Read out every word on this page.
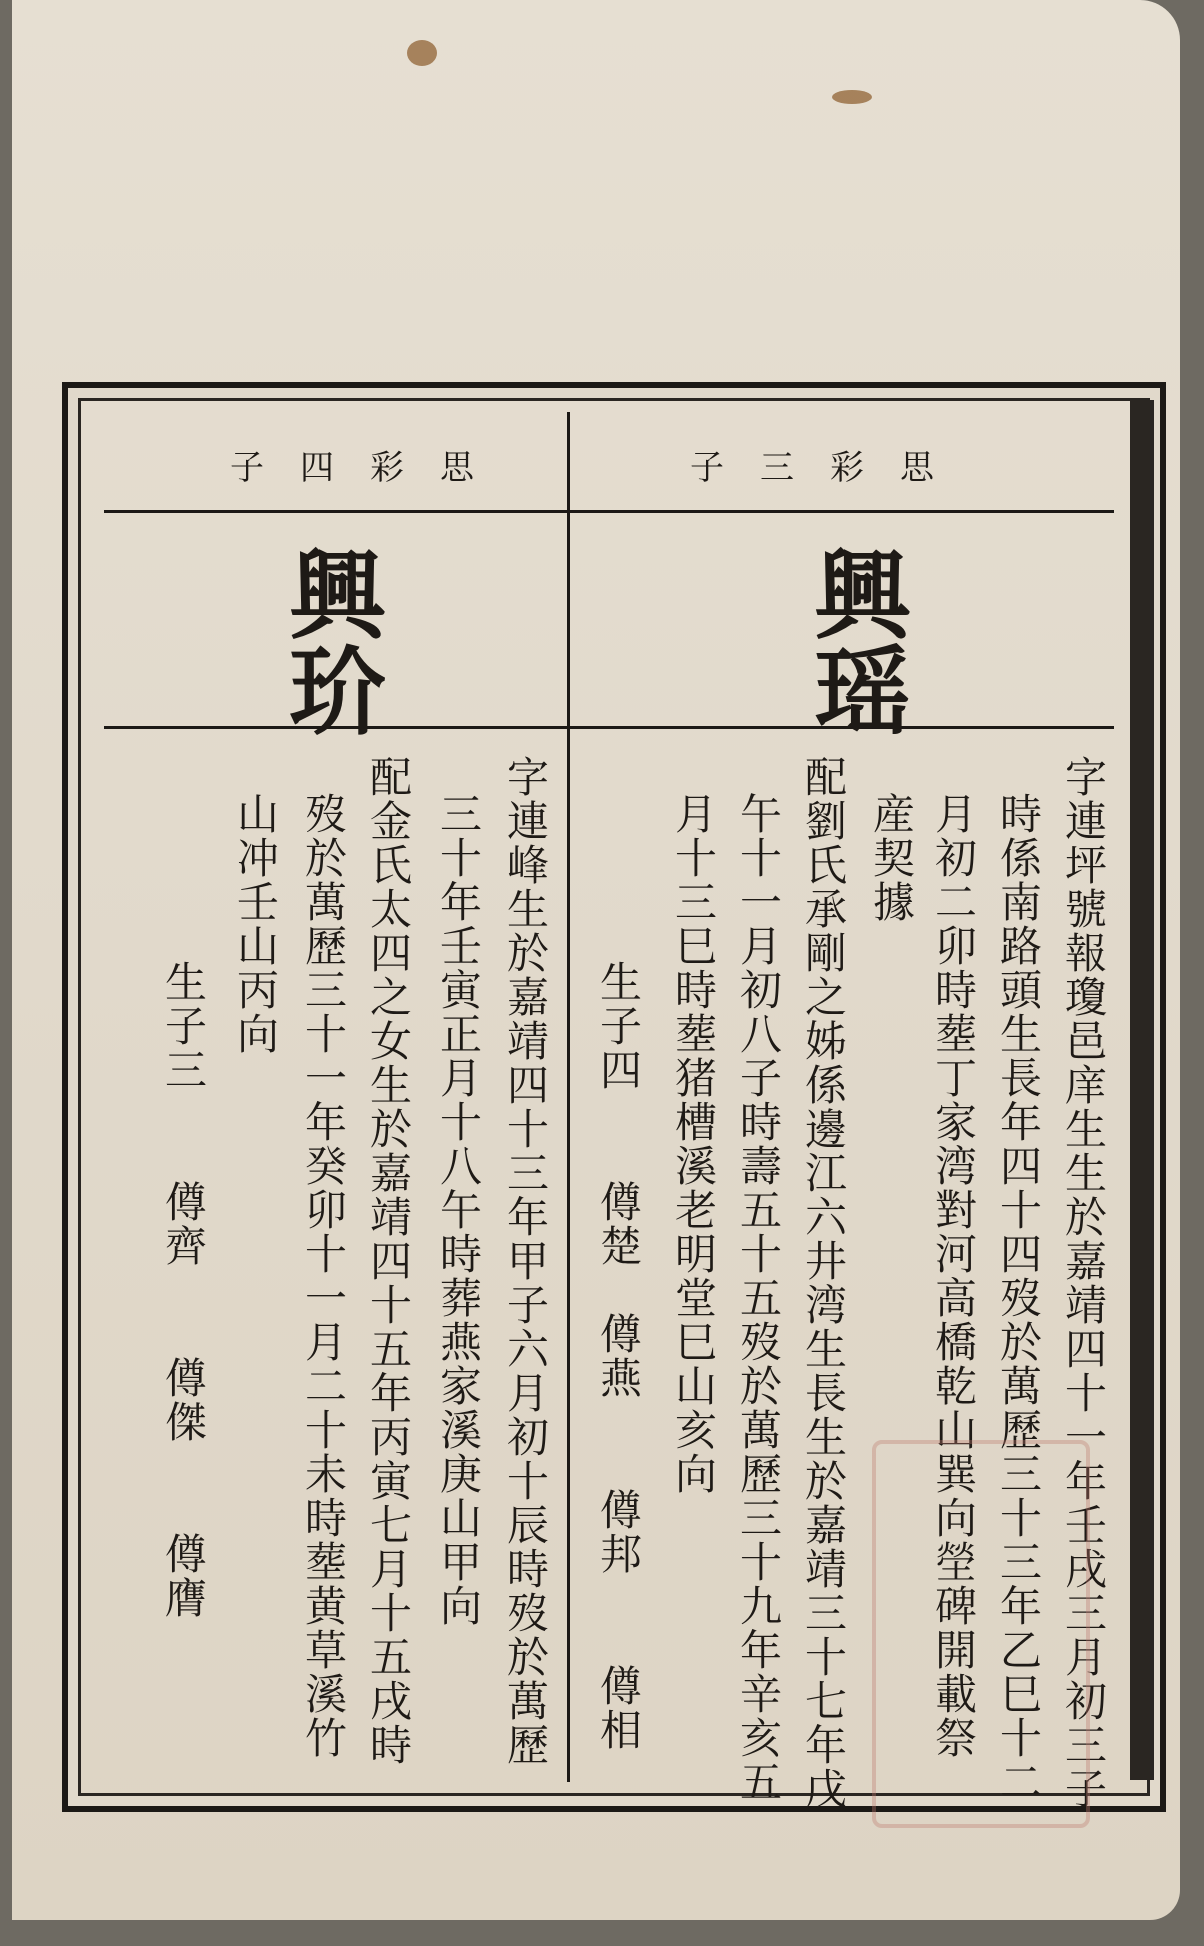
子 三 彩 思
子 四 彩 思
興瑶
興玠
字連坪號報瓊邑庠生生於嘉靖四十一年壬戌三月初三子
時係南路頭生長年四十四歿於萬歷三十三年乙巳十二
月初二卯時塟丁家湾對河高橋乾山巽向塋碑開載祭
産契據
配劉氏承剛之姊係邊江六井湾生長生於嘉靖三十七年戊
午十一月初八子時壽五十五歿於萬歷三十九年辛亥五
月十三巳時塟猪槽溪老明堂巳山亥向
生子四　　僔楚　僔燕　　僔邦　　僔相
字連峰生於嘉靖四十三年甲子六月初十辰時歿於萬歷
三十年壬寅正月十八午時葬燕家溪庚山甲向
配金氏太四之女生於嘉靖四十五年丙寅七月十五戌時
歿於萬歷三十一年癸卯十一月二十未時塟黄草溪竹
山冲壬山丙向
生子三　　僔齊　　僔傑　　僔膺
